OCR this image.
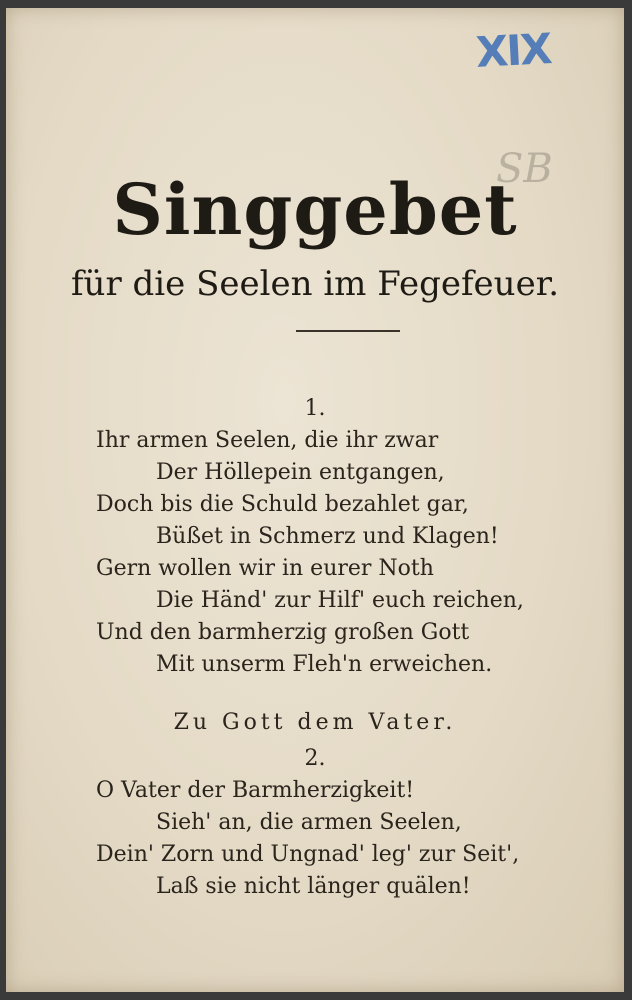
XIX
SB
Singgebet
für die Seelen im Fegefeuer.
1.
Ihr armen Seelen, die ihr zwar
Der Höllepein entgangen,
Doch bis die Schuld bezahlet gar,
Büßet in Schmerz und Klagen!
Gern wollen wir in eurer Noth
Die Händ' zur Hilf' euch reichen,
Und den barmherzig großen Gott
Mit unserm Fleh'n erweichen.
Zu Gott dem Vater.
2.
O Vater der Barmherzigkeit!
Sieh' an, die armen Seelen,
Dein' Zorn und Ungnad' leg' zur Seit',
Laß sie nicht länger quälen!
